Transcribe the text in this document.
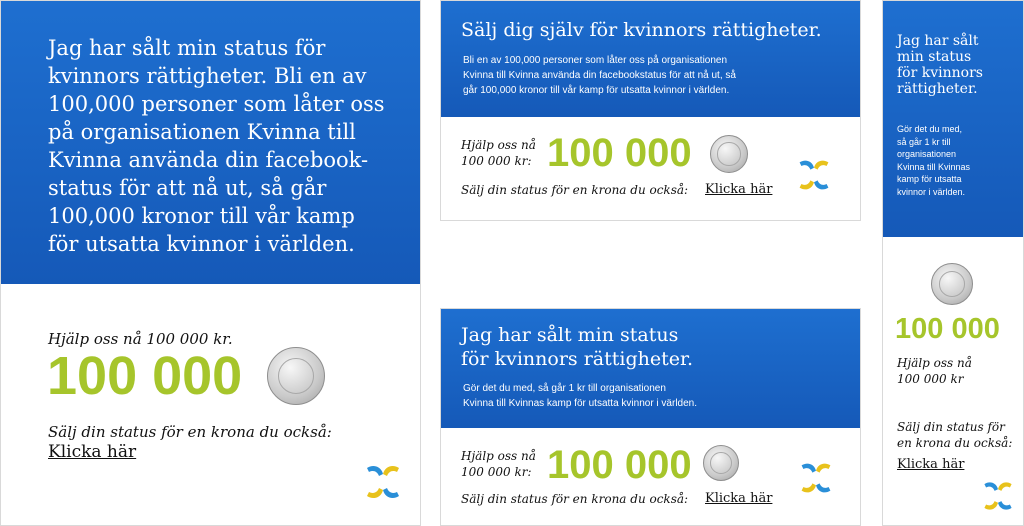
Jag har sålt min status för
kvinnors rättigheter. Bli en av
100,000 personer som låter oss
på organisationen Kvinna till
Kvinna använda din facebook-
status för att nå ut, så går
100,000 kronor till vår kamp
för utsatta kvinnor i världen.
Hjälp oss nå 100 000 kr.
100 000
Sälj din status för en krona du också:
Klicka här
Sälj dig själv för kvinnors rättigheter.
Bli en av 100,000 personer som låter oss på organisationen
Kvinna till Kvinna använda din facebookstatus för att nå ut, så
går 100,000 kronor till vår kamp för utsatta kvinnor i världen.
Hjälp oss nå
100 000 kr: 100 000
Sälj din status för en krona du också: Klicka här
Jag har sålt min status
för kvinnors rättigheter.
Gör det du med, så går 1 kr till organisationen
Kvinna till Kvinnas kamp för utsatta kvinnor i världen.
Hjälp oss nå
100 000 kr: 100 000
Sälj din status för en krona du också: Klicka här
Jag har sålt
min status
för kvinnors
rättigheter.
Gör det du med,
så går 1 kr till
organisationen
Kvinna till Kvinnas
kamp för utsatta
kvinnor i världen.
100 000
Hjälp oss nå
100 000 kr
Sälj din status för
en krona du också:
Klicka här
